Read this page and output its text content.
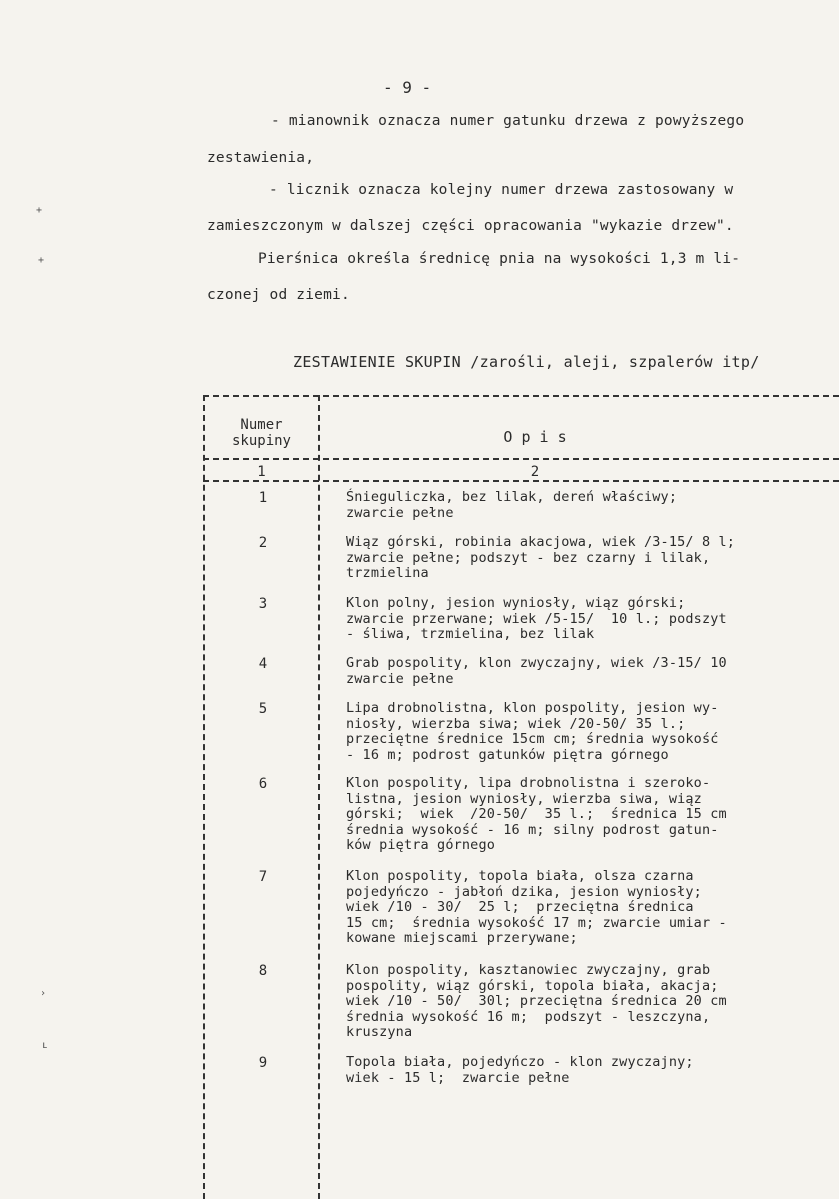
- 9 -
- mianownik oznacza numer gatunku drzewa z powyższego
zestawienia,
- licznik oznacza kolejny numer drzewa zastosowany w
zamieszczonym w dalszej części opracowania "wykazie drzew".
Pierśnica określa średnicę pnia na wysokości 1,3 m li-
czonej od ziemi.
+
+
›
ʟ
ZESTAWIENIE SKUPIN /zarośli, aleji, szpalerów itp/
Numer
skupiny	O p i s
1	2
1	Śnieguliczka, bez lilak, dereń właściwy;
zwarcie pełne
2	Wiąz górski, robinia akacjowa, wiek /3-15/ 8 l;
zwarcie pełne; podszyt - bez czarny i lilak,
trzmielina
3	Klon polny, jesion wyniosły, wiąz górski;
zwarcie przerwane; wiek /5-15/  10 l.; podszyt
- śliwa, trzmielina, bez lilak
4	Grab pospolity, klon zwyczajny, wiek /3-15/ 10
zwarcie pełne
5	Lipa drobnolistna, klon pospolity, jesion wy-
niosły, wierzba siwa; wiek /20-50/ 35 l.;
przeciętne średnice 15cm cm; średnia wysokość
- 16 m; podrost gatunków piętra górnego
6	Klon pospolity, lipa drobnolistna i szeroko-
listna, jesion wyniosły, wierzba siwa, wiąz
górski;  wiek  /20-50/  35 l.;  średnica 15 cm
średnia wysokość - 16 m; silny podrost gatun-
ków piętra górnego
7	Klon pospolity, topola biała, olsza czarna
pojedyńczo - jabłoń dzika, jesion wyniosły;
wiek /10 - 30/  25 l;  przeciętna średnica
15 cm;  średnia wysokość 17 m; zwarcie umiar -
kowane miejscami przerywane;
8	Klon pospolity, kasztanowiec zwyczajny, grab
pospolity, wiąz górski, topola biała, akacja;
wiek /10 - 50/  30l; przeciętna średnica 20 cm
średnia wysokość 16 m;  podszyt - leszczyna,
kruszyna
9	Topola biała, pojedyńczo - klon zwyczajny;
wiek - 15 l;  zwarcie pełne
